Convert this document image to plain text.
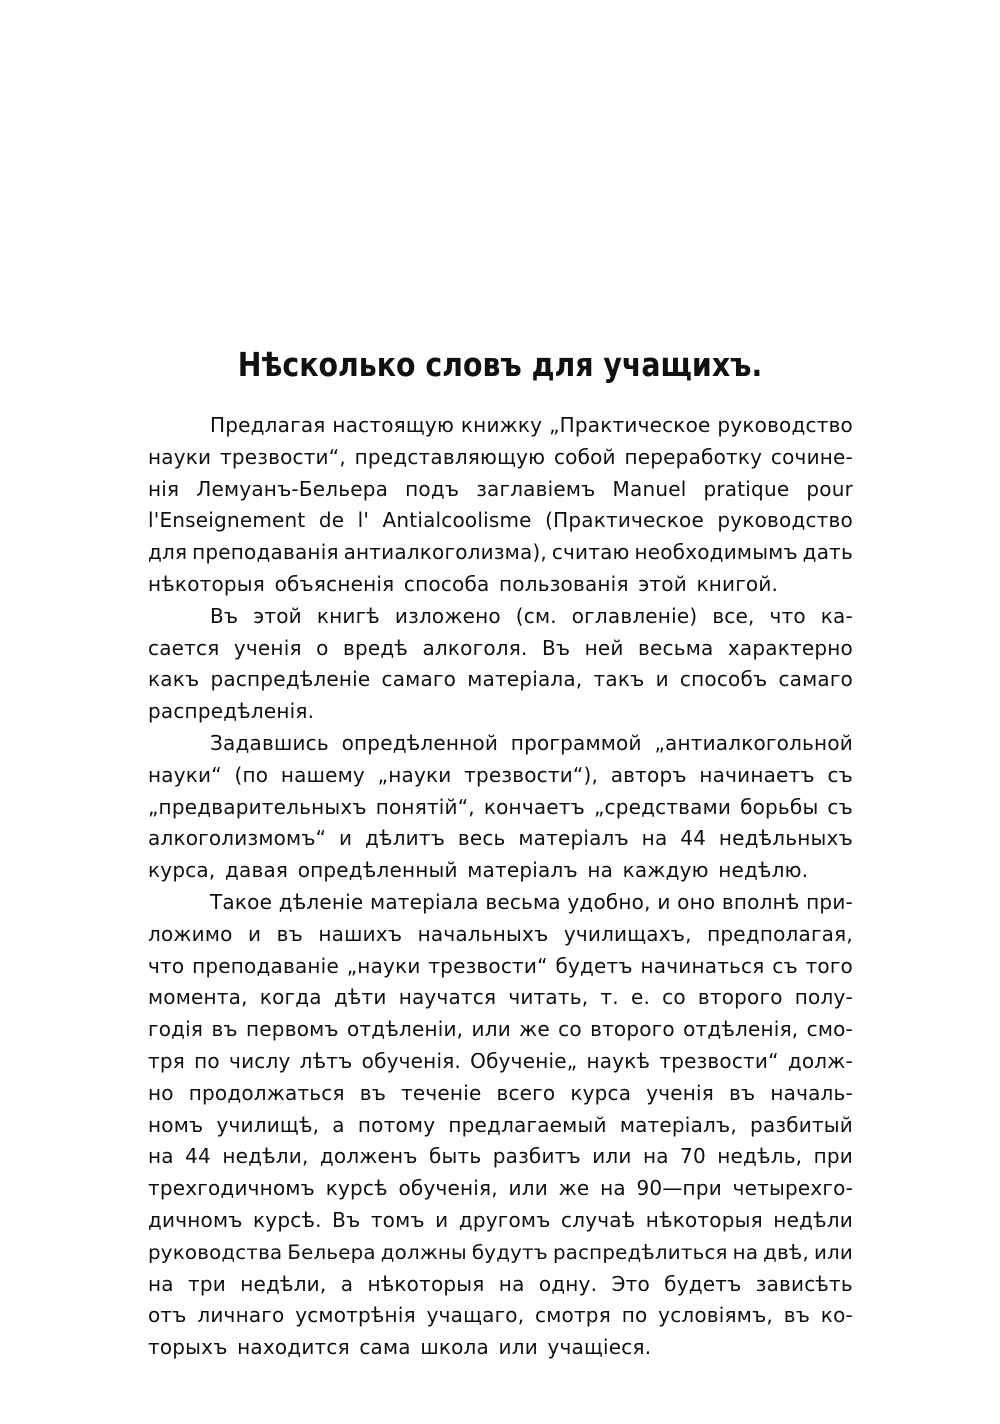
Нѣсколько словъ для учащихъ.
Предлагая настоящую книжку „Практическое руководство
науки трезвости“, представляющую собой переработку сочине-
нія Лемуанъ-Бельера подъ заглавіемъ Manuel pratique pour
l'Enseignement de l' Antialcoolisme (Практическое руководство
для преподаванія антиалкоголизма), считаю необходимымъ дать
нѣкоторыя объясненія способа пользованія этой книгой.
Въ этой книгѣ изложено (см. оглавленіе) все, что ка-
сается ученія о вредѣ алкоголя. Въ ней весьма характерно
какъ распредѣленіе самаго матеріала, такъ и способъ самаго
распредѣленія.
Задавшись опредѣленной программой „антиалкогольной
науки“ (по нашему „науки трезвости“), авторъ начинаетъ съ
„предварительныхъ понятій“, кончаетъ „средствами борьбы съ
алкоголизмомъ“ и дѣлитъ весь матеріалъ на 44 недѣльныхъ
курса, давая опредѣленный матеріалъ на каждую недѣлю.
Такое дѣленіе матеріала весьма удобно, и оно вполнѣ при-
ложимо и въ нашихъ начальныхъ училищахъ, предполагая,
что преподаваніе „науки трезвости“ будетъ начинаться съ того
момента, когда дѣти научатся читать, т. е. со второго полу-
годія въ первомъ отдѣленіи, или же со второго отдѣленія, смо-
тря по числу лѣтъ обученія. Обученіе„ наукѣ трезвости“ долж-
но продолжаться въ теченіе всего курса ученія въ началь-
номъ училищѣ, а потому предлагаемый матеріалъ, разбитый
на 44 недѣли, долженъ быть разбитъ или на 70 недѣль, при
трехгодичномъ курсѣ обученія, или же на 90—при четырехго-
дичномъ курсѣ. Въ томъ и другомъ случаѣ нѣкоторыя недѣли
руководства Бельера должны будутъ распредѣлиться на двѣ, или
на три недѣли, а нѣкоторыя на одну. Это будетъ зависѣть
отъ личнаго усмотрѣнія учащаго, смотря по условіямъ, въ ко-
торыхъ находится сама школа или учащіеся.
